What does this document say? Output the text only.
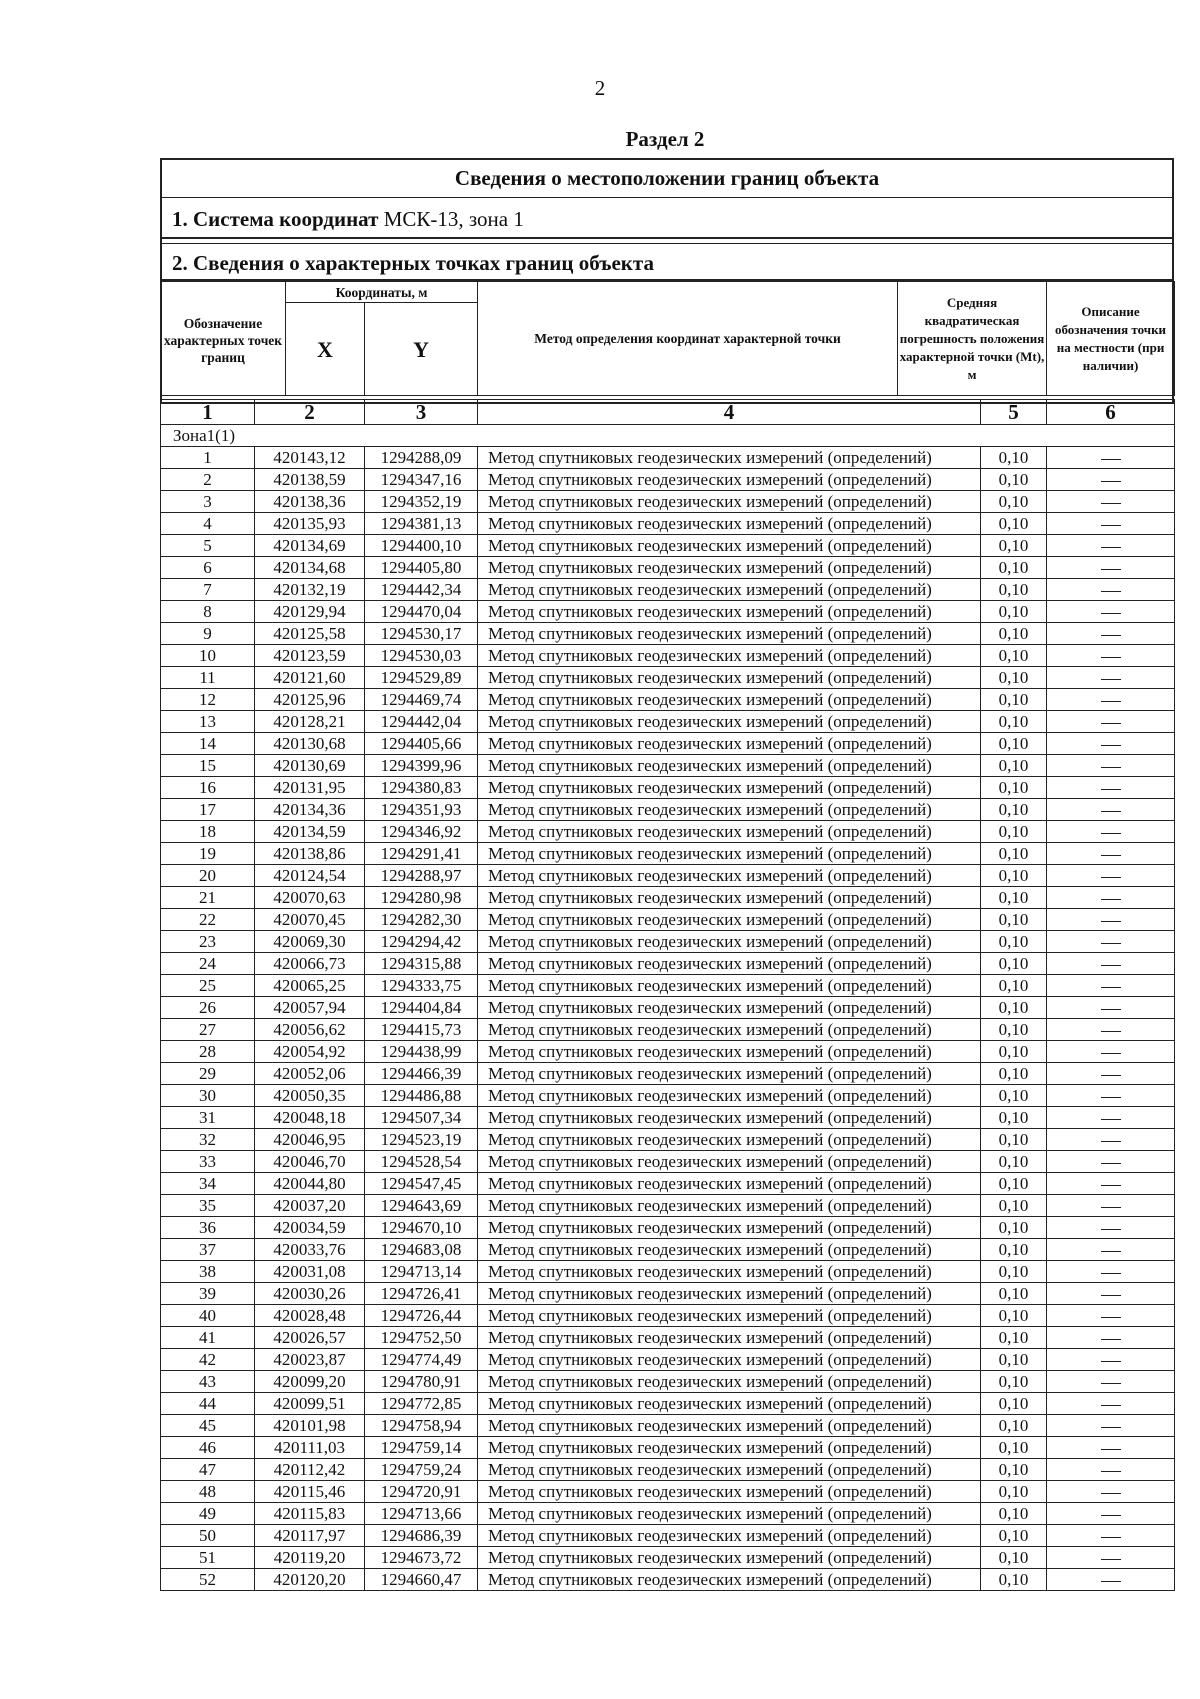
2
Раздел 2
Сведения о местоположении границ объекта
1. Система координат МСК-13, зона 1
2. Сведения о характерных точках границ объекта
Обозначение характерных точек границ	Координаты, м		Метод определения координат характерной точки	Средняя квадратическая погрешность положения характерной точки (Mt), м	Описание обозначения точки на местности (при наличии)
	X	Y			
1	2	3	4	5	6
Зона1(1)					
1	420143,12	1294288,09	Метод спутниковых геодезических измерений (определений)	0,10	
2	420138,59	1294347,16	Метод спутниковых геодезических измерений (определений)	0,10	
3	420138,36	1294352,19	Метод спутниковых геодезических измерений (определений)	0,10	
4	420135,93	1294381,13	Метод спутниковых геодезических измерений (определений)	0,10	
5	420134,69	1294400,10	Метод спутниковых геодезических измерений (определений)	0,10	
6	420134,68	1294405,80	Метод спутниковых геодезических измерений (определений)	0,10	
7	420132,19	1294442,34	Метод спутниковых геодезических измерений (определений)	0,10	
8	420129,94	1294470,04	Метод спутниковых геодезических измерений (определений)	0,10	
9	420125,58	1294530,17	Метод спутниковых геодезических измерений (определений)	0,10	
10	420123,59	1294530,03	Метод спутниковых геодезических измерений (определений)	0,10	
11	420121,60	1294529,89	Метод спутниковых геодезических измерений (определений)	0,10	
12	420125,96	1294469,74	Метод спутниковых геодезических измерений (определений)	0,10	
13	420128,21	1294442,04	Метод спутниковых геодезических измерений (определений)	0,10	
14	420130,68	1294405,66	Метод спутниковых геодезических измерений (определений)	0,10	
15	420130,69	1294399,96	Метод спутниковых геодезических измерений (определений)	0,10	
16	420131,95	1294380,83	Метод спутниковых геодезических измерений (определений)	0,10	
17	420134,36	1294351,93	Метод спутниковых геодезических измерений (определений)	0,10	
18	420134,59	1294346,92	Метод спутниковых геодезических измерений (определений)	0,10	
19	420138,86	1294291,41	Метод спутниковых геодезических измерений (определений)	0,10	
20	420124,54	1294288,97	Метод спутниковых геодезических измерений (определений)	0,10	
21	420070,63	1294280,98	Метод спутниковых геодезических измерений (определений)	0,10	
22	420070,45	1294282,30	Метод спутниковых геодезических измерений (определений)	0,10	
23	420069,30	1294294,42	Метод спутниковых геодезических измерений (определений)	0,10	
24	420066,73	1294315,88	Метод спутниковых геодезических измерений (определений)	0,10	
25	420065,25	1294333,75	Метод спутниковых геодезических измерений (определений)	0,10	
26	420057,94	1294404,84	Метод спутниковых геодезических измерений (определений)	0,10	
27	420056,62	1294415,73	Метод спутниковых геодезических измерений (определений)	0,10	
28	420054,92	1294438,99	Метод спутниковых геодезических измерений (определений)	0,10	
29	420052,06	1294466,39	Метод спутниковых геодезических измерений (определений)	0,10	
30	420050,35	1294486,88	Метод спутниковых геодезических измерений (определений)	0,10	
31	420048,18	1294507,34	Метод спутниковых геодезических измерений (определений)	0,10	
32	420046,95	1294523,19	Метод спутниковых геодезических измерений (определений)	0,10	
33	420046,70	1294528,54	Метод спутниковых геодезических измерений (определений)	0,10	
34	420044,80	1294547,45	Метод спутниковых геодезических измерений (определений)	0,10	
35	420037,20	1294643,69	Метод спутниковых геодезических измерений (определений)	0,10	
36	420034,59	1294670,10	Метод спутниковых геодезических измерений (определений)	0,10	
37	420033,76	1294683,08	Метод спутниковых геодезических измерений (определений)	0,10	
38	420031,08	1294713,14	Метод спутниковых геодезических измерений (определений)	0,10	
39	420030,26	1294726,41	Метод спутниковых геодезических измерений (определений)	0,10	
40	420028,48	1294726,44	Метод спутниковых геодезических измерений (определений)	0,10	
41	420026,57	1294752,50	Метод спутниковых геодезических измерений (определений)	0,10	
42	420023,87	1294774,49	Метод спутниковых геодезических измерений (определений)	0,10	
43	420099,20	1294780,91	Метод спутниковых геодезических измерений (определений)	0,10	
44	420099,51	1294772,85	Метод спутниковых геодезических измерений (определений)	0,10	
45	420101,98	1294758,94	Метод спутниковых геодезических измерений (определений)	0,10	
46	420111,03	1294759,14	Метод спутниковых геодезических измерений (определений)	0,10	
47	420112,42	1294759,24	Метод спутниковых геодезических измерений (определений)	0,10	
48	420115,46	1294720,91	Метод спутниковых геодезических измерений (определений)	0,10	
49	420115,83	1294713,66	Метод спутниковых геодезических измерений (определений)	0,10	
50	420117,97	1294686,39	Метод спутниковых геодезических измерений (определений)	0,10	
51	420119,20	1294673,72	Метод спутниковых геодезических измерений (определений)	0,10	
52	420120,20	1294660,47	Метод спутниковых геодезических измерений (определений)	0,10	
